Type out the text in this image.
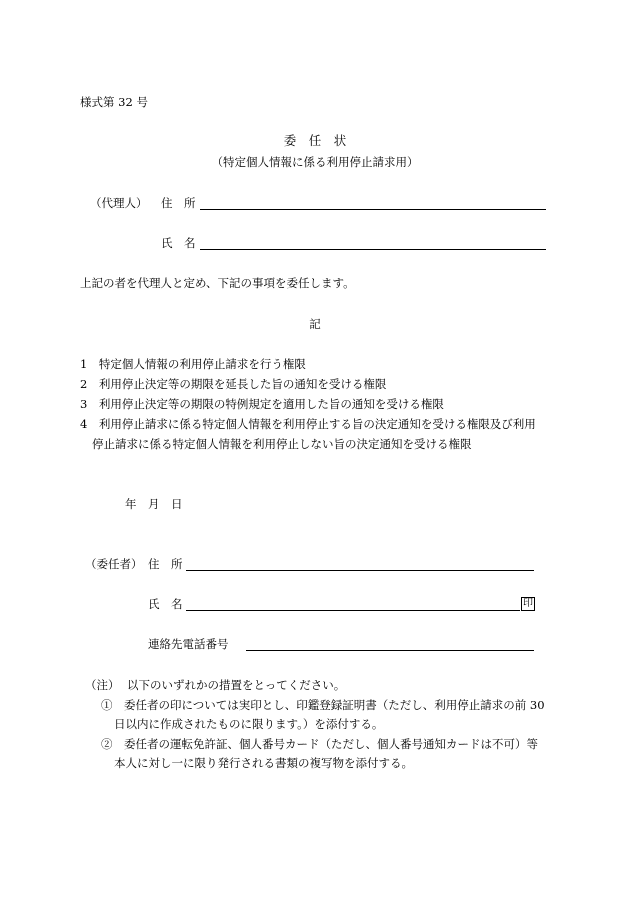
様式第 32 号
委　任　状
（特定個人情報に係る利用停止請求用）
（代理人） 住　所
氏　名
上記の者を代理人と定め、下記の事項を委任します。
記
1　特定個人情報の利用停止請求を行う権限
2　利用停止決定等の期限を延長した旨の通知を受ける権限
3　利用停止決定等の期限の特例規定を適用した旨の通知を受ける権限
4　利用停止請求に係る特定個人情報を利用停止する旨の決定通知を受ける権限及び利用
停止請求に係る特定個人情報を利用停止しない旨の決定通知を受ける権限
年　月　日
（委任者） 住　所
氏　名	印
連絡先電話番号
（注） 以下のいずれかの措置をとってください。
①　委任者の印については実印とし、印鑑登録証明書（ただし、利用停止請求の前 30
日以内に作成されたものに限ります。）を添付する。
②　委任者の運転免許証、個人番号カード（ただし、個人番号通知カードは不可）等
本人に対し一に限り発行される書類の複写物を添付する。
